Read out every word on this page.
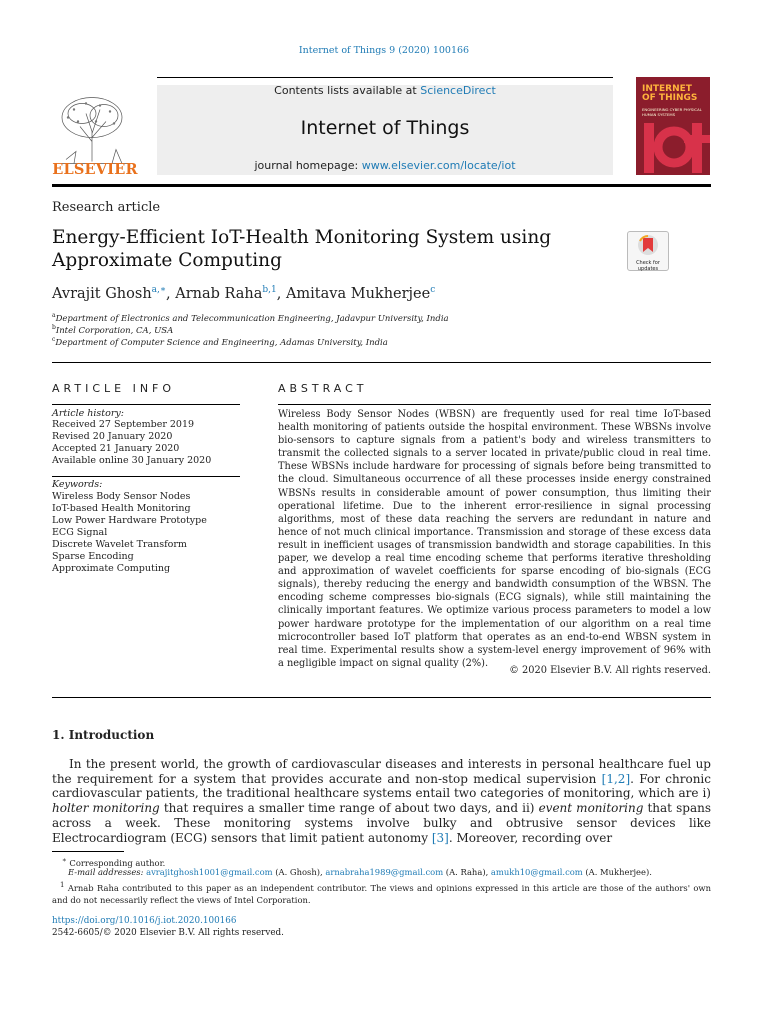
Internet of Things 9 (2020) 100166
ELSEVIER
Contents lists available at ScienceDirect
Internet of Things
journal homepage: www.elsevier.com/locate/iot
INTERNET OF THINGS
ENGINEERING CYBER PHYSICAL HUMAN SYSTEMS
Research article
Energy-Efficient IoT-Health Monitoring System using
Approximate Computing	Check for updates
Avrajit Ghosh$^{a,∗}$, Arnab Raha$^{b,1}$, Amitava Mukherjee$^c$
$^a$Department of Electronics and Telecommunication Engineering, Jadavpur University, India
$^b$Intel Corporation, CA, USA
$^c$Department of Computer Science and Engineering, Adamas University, India
ARTICLE INFO	ABSTRACT
Article history:
Received 27 September 2019
Revised 20 January 2020
Accepted 21 January 2020
Available online 30 January 2020
Keywords:
Wireless Body Sensor Nodes
IoT-based Health Monitoring
Low Power Hardware Prototype
ECG Signal
Discrete Wavelet Transform
Sparse Encoding
Approximate Computing
Wireless Body Sensor Nodes (WBSN) are frequently used for real time IoT-based health monitoring of patients outside the hospital environment. These WBSNs involve bio-sensors to capture signals from a patient's body and wireless transmitters to transmit the collected signals to a server located in private/public cloud in real time. These WBSNs include hardware for processing of signals before being transmitted to the cloud. Simultaneous occurrence of all these processes inside energy constrained WBSNs results in considerable amount of power consumption, thus limiting their operational lifetime. Due to the inherent error-resilience in signal processing algorithms, most of these data reaching the servers are redundant in nature and hence of not much clinical importance. Transmission and storage of these excess data result in inefficient usages of transmission bandwidth and storage capabilities. In this paper, we develop a real time encoding scheme that performs iterative thresholding and approximation of wavelet coefficients for sparse encoding of bio-signals (ECG signals), thereby reducing the energy and bandwidth consumption of the WBSN. The encoding scheme compresses bio-signals (ECG signals), while still maintaining the clinically important features. We optimize various process parameters to model a low power hardware prototype for the implementation of our algorithm on a real time microcontroller based IoT platform that operates as an end-to-end WBSN system in real time. Experimental results show a system-level energy improvement of 96% with a negligible impact on signal quality (2%).
© 2020 Elsevier B.V. All rights reserved.
1. Introduction

In the present world, the growth of cardiovascular diseases and interests in personal healthcare fuel up the requirement for a system that provides accurate and non-stop medical supervision [1,2]. For chronic cardiovascular patients, the traditional healthcare systems entail two categories of monitoring, which are i) holter monitoring that requires a smaller time range of about two days, and ii) event monitoring that spans across a week. These monitoring systems involve bulky and obtrusive sensor devices like Electrocardiogram (ECG) sensors that limit patient autonomy [3]. Moreover, recording over

∗ Corresponding author.
E-mail addresses: avrajitghosh1001@gmail.com (A. Ghosh), arnabraha1989@gmail.com (A. Raha), amukh10@gmail.com (A. Mukherjee).
$^1$ Arnab Raha contributed to this paper as an independent contributor. The views and opinions expressed in this article are those of the authors' own and do not necessarily reflect the views of Intel Corporation.
https://doi.org/10.1016/j.iot.2020.100166
2542-6605/© 2020 Elsevier B.V. All rights reserved.
